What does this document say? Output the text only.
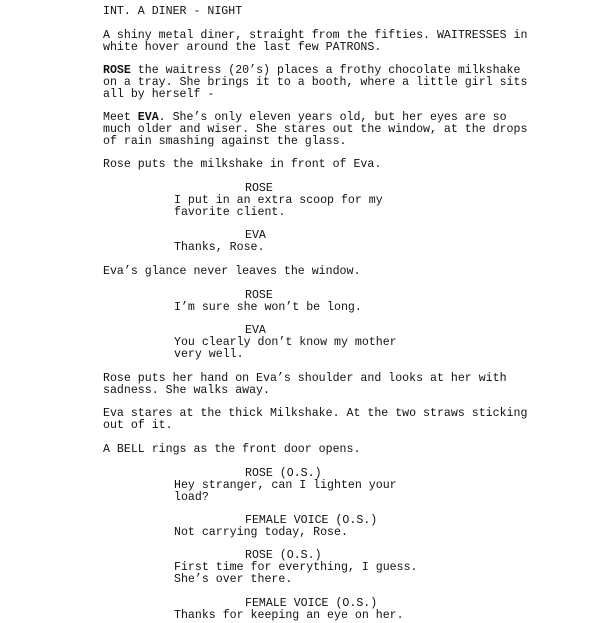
INT. A DINER - NIGHT
A shiny metal diner, straight from the fifties. WAITRESSES in
white hover around the last few PATRONS.
ROSE the waitress (20’s) places a frothy chocolate milkshake
on a tray. She brings it to a booth, where a little girl sits
all by herself -
Meet EVA. She’s only eleven years old, but her eyes are so
much older and wiser. She stares out the window, at the drops
of rain smashing against the glass.
Rose puts the milkshake in front of Eva.
ROSE
I put in an extra scoop for my
favorite client.
EVA
Thanks, Rose.
Eva’s glance never leaves the window.
ROSE
I’m sure she won’t be long.
EVA
You clearly don’t know my mother
very well.
Rose puts her hand on Eva’s shoulder and looks at her with
sadness. She walks away.
Eva stares at the thick Milkshake. At the two straws sticking
out of it.
A BELL rings as the front door opens.
ROSE (O.S.)
Hey stranger, can I lighten your
load?
FEMALE VOICE (O.S.)
Not carrying today, Rose.
ROSE (O.S.)
First time for everything, I guess.
She’s over there.
FEMALE VOICE (O.S.)
Thanks for keeping an eye on her.
